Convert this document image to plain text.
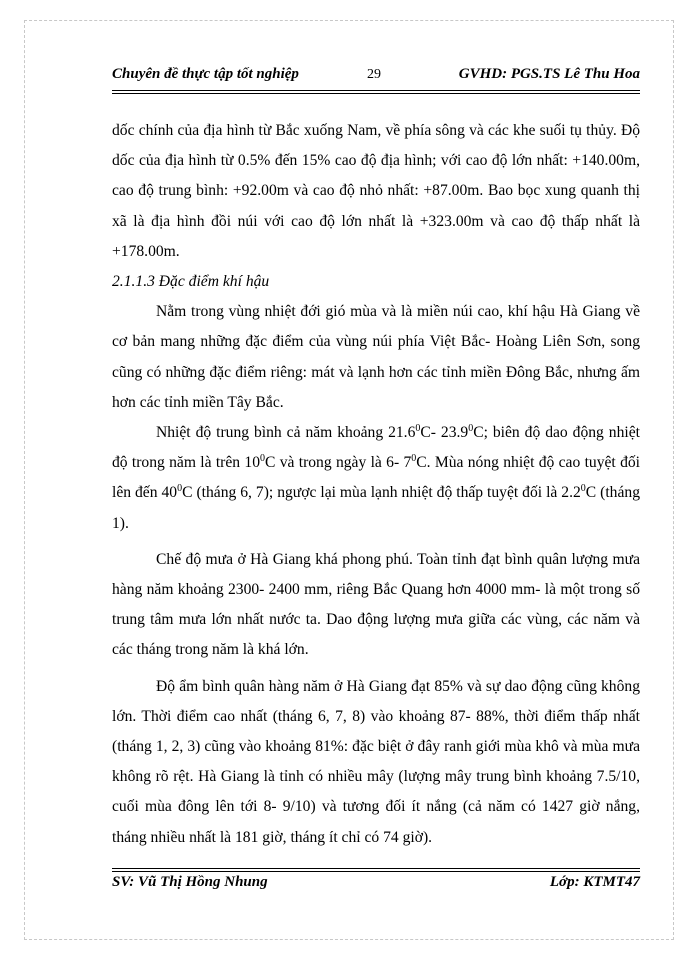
Chuyên đề thực tập tốt nghiệp	29	GVHD: PGS.TS Lê Thu Hoa

dốc chính của địa hình từ Bắc xuống Nam, về phía sông và các khe suối tụ thủy. Độ dốc của địa hình từ 0.5% đến 15% cao độ địa hình; với cao độ lớn nhất: +140.00m, cao độ trung bình: +92.00m và cao độ nhỏ nhất: +87.00m. Bao bọc xung quanh thị xã là địa hình đồi núi với cao độ lớn nhất là +323.00m và cao độ thấp nhất là +178.00m.

2.1.1.3 Đặc điểm khí hậu

Nằm trong vùng nhiệt đới gió mùa và là miền núi cao, khí hậu Hà Giang về cơ bản mang những đặc điểm của vùng núi phía Việt Bắc- Hoàng Liên Sơn, song cũng có những đặc điểm riêng: mát và lạnh hơn các tỉnh miền Đông Bắc, nhưng ấm hơn các tỉnh miền Tây Bắc.

Nhiệt độ trung bình cả năm khoảng 21.6$^0$C- 23.9$^0$C; biên độ dao động nhiệt độ trong năm là trên $10^0C$ và trong ngày là 6- $7^0C$. Mùa nóng nhiệt độ cao tuyệt đối lên đến $40^0C$ (tháng 6, 7); ngược lại mùa lạnh nhiệt độ thấp tuyệt đối là $2.2^0C$ (tháng 1).

Chế độ mưa ở Hà Giang khá phong phú. Toàn tỉnh đạt bình quân lượng mưa hàng năm khoảng 2300- 2400 mm, riêng Bắc Quang hơn 4000 mm- là một trong số trung tâm mưa lớn nhất nước ta. Dao động lượng mưa giữa các vùng, các năm và các tháng trong năm là khá lớn.

Độ ẩm bình quân hàng năm ở Hà Giang đạt 85% và sự dao động cũng không lớn. Thời điểm cao nhất (tháng 6, 7, 8) vào khoảng 87- 88%, thời điểm thấp nhất (tháng 1, 2, 3) cũng vào khoảng 81%: đặc biệt ở đây ranh giới mùa khô và mùa mưa không rõ rệt. Hà Giang là tỉnh có nhiều mây (lượng mây trung bình khoảng 7.5/10, cuối mùa đông lên tới 8- 9/10) và tương đối ít nắng (cả năm có 1427 giờ nắng, tháng nhiều nhất là 181 giờ, tháng ít chỉ có 74 giờ).

SV: Vũ Thị Hồng Nhung	Lớp: KTMT47
